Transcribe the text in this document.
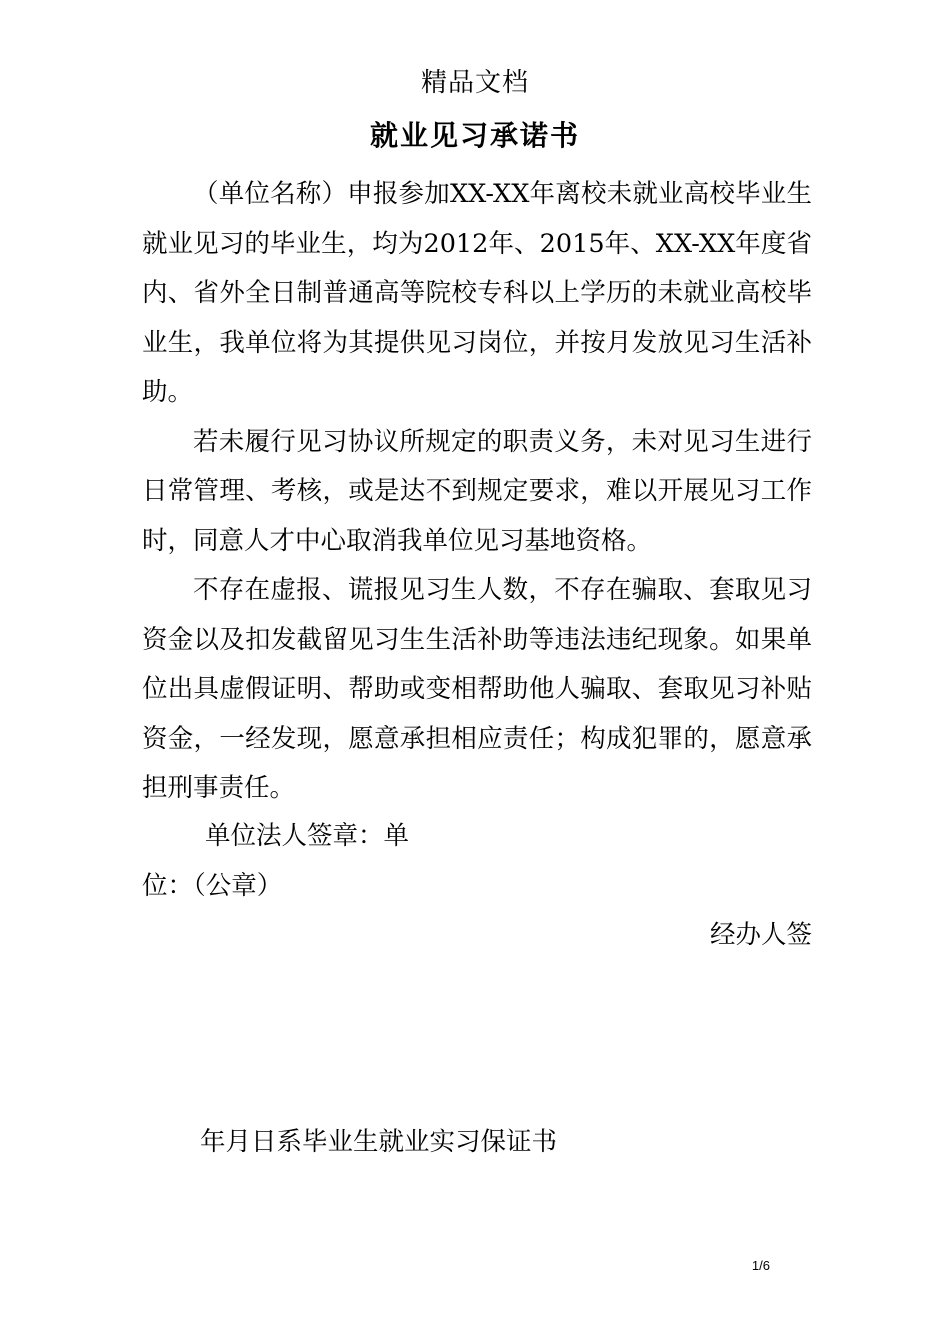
精品文档
就业见习承诺书

（单位名称）申报参加XX-XX年离校未就业高校毕业生就业见习的毕业生，均为2012年、2015年、XX-XX年度省内、省外全日制普通高等院校专科以上学历的未就业高校毕业生，我单位将为其提供见习岗位，并按月发放见习生活补助。

若未履行见习协议所规定的职责义务，未对见习生进行日常管理、考核，或是达不到规定要求，难以开展见习工作时，同意人才中心取消我单位见习基地资格。

不存在虚报、谎报见习生人数，不存在骗取、套取见习资金以及扣发截留见习生生活补助等违法违纪现象。如果单位出具虚假证明、帮助或变相帮助他人骗取、套取见习补贴资金，一经发现，愿意承担相应责任；构成犯罪的，愿意承担刑事责任。

单位法人签章：单
位：（公章）
经办人签
年月日系毕业生就业实习保证书
1/6
